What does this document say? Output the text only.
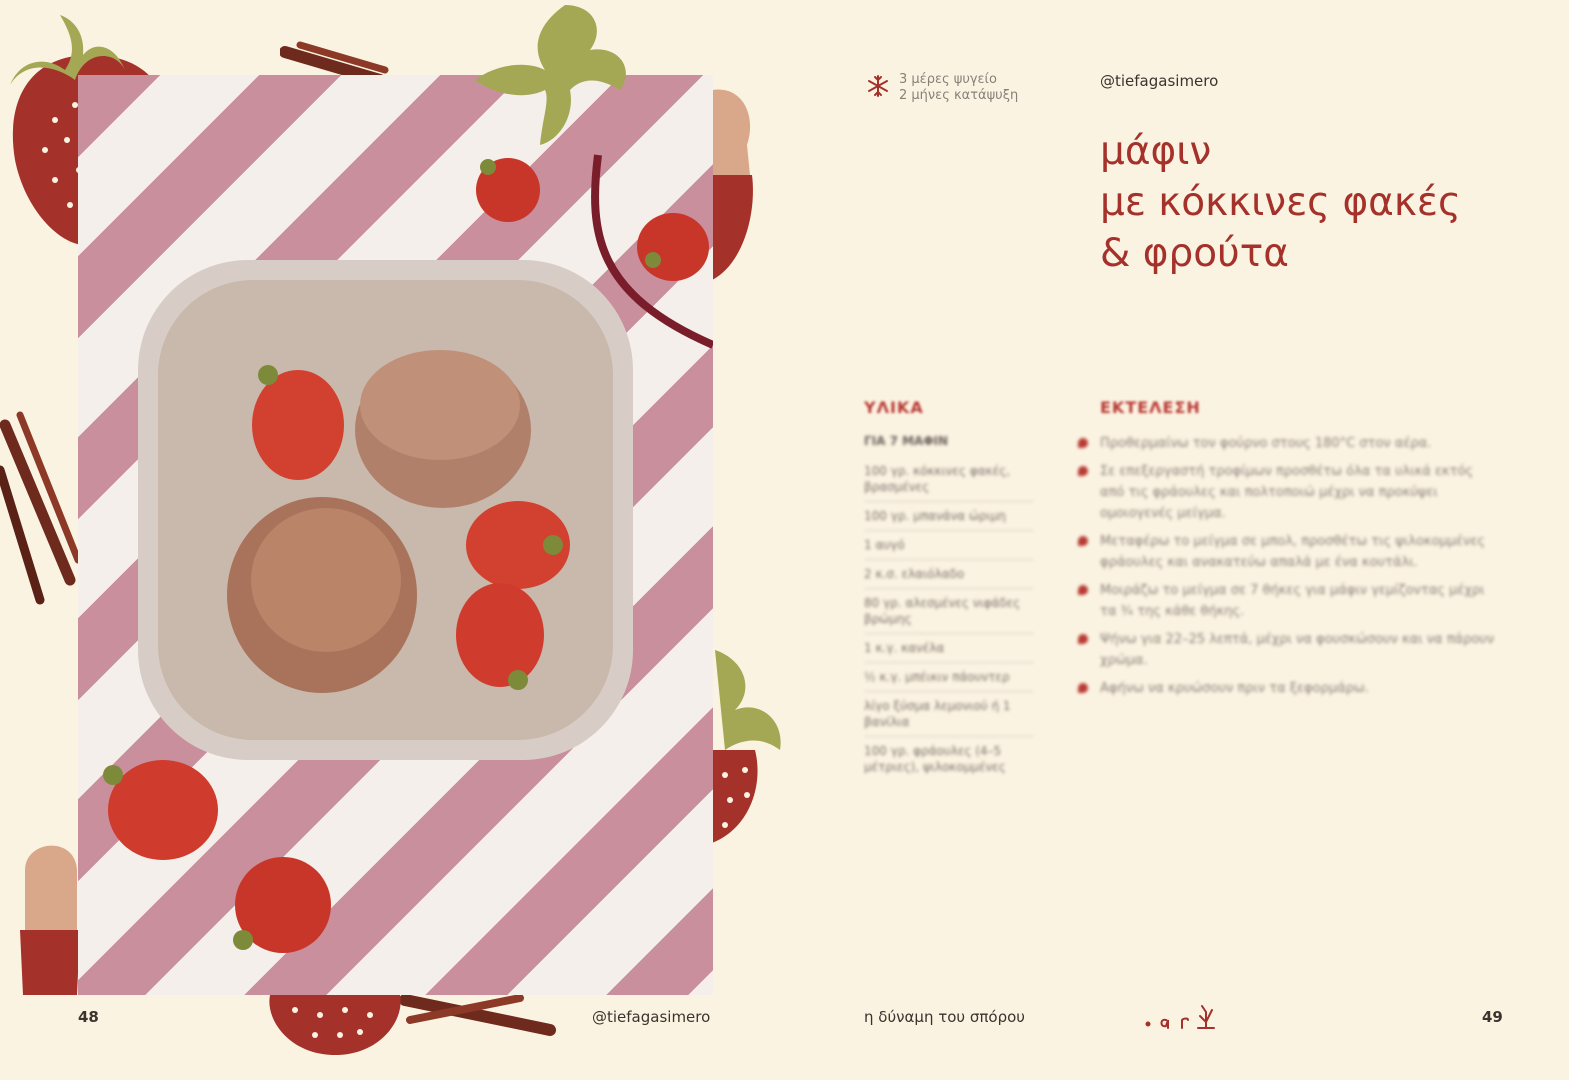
48	@tiefagasimero
3 μέρες ψυγείο
2 μήνες κατάψυξη
@tiefagasimero
μάφιν
με κόκκινες φακές
& φρούτα
ΥΛΙΚΑ	ΕΚΤΕΛΕΣΗ
ΓΙΑ 7 ΜΑΦΙΝ
100 γρ. κόκκινες φακές, βρασμένες
100 γρ. μπανάνα ώριμη
1 αυγό
2 κ.σ. ελαιόλαδο
80 γρ. αλεσμένες νιφάδες βρώμης
1 κ.γ. κανέλα
½ κ.γ. μπέικιν πάουντερ
λίγο ξύσμα λεμονιού ή 1 βανίλια
100 γρ. φράουλες (4–5 μέτριες), ψιλοκομμένες
Προθερμαίνω τον φούρνο στους 180°C στον αέρα.
Σε επεξεργαστή τροφίμων προσθέτω όλα τα υλικά εκτός από τις φράουλες και πολτοποιώ μέχρι να προκύψει ομοιογενές μείγμα.
Μεταφέρω το μείγμα σε μπολ, προσθέτω τις ψιλοκομμένες φράουλες και ανακατεύω απαλά με ένα κουτάλι.
Μοιράζω το μείγμα σε 7 θήκες για μάφιν γεμίζοντας μέχρι τα ¾ της κάθε θήκης.
Ψήνω για 22–25 λεπτά, μέχρι να φουσκώσουν και να πάρουν χρώμα.
Αφήνω να κρυώσουν πριν τα ξεφορμάρω.
η δύναμη του σπόρου	49
